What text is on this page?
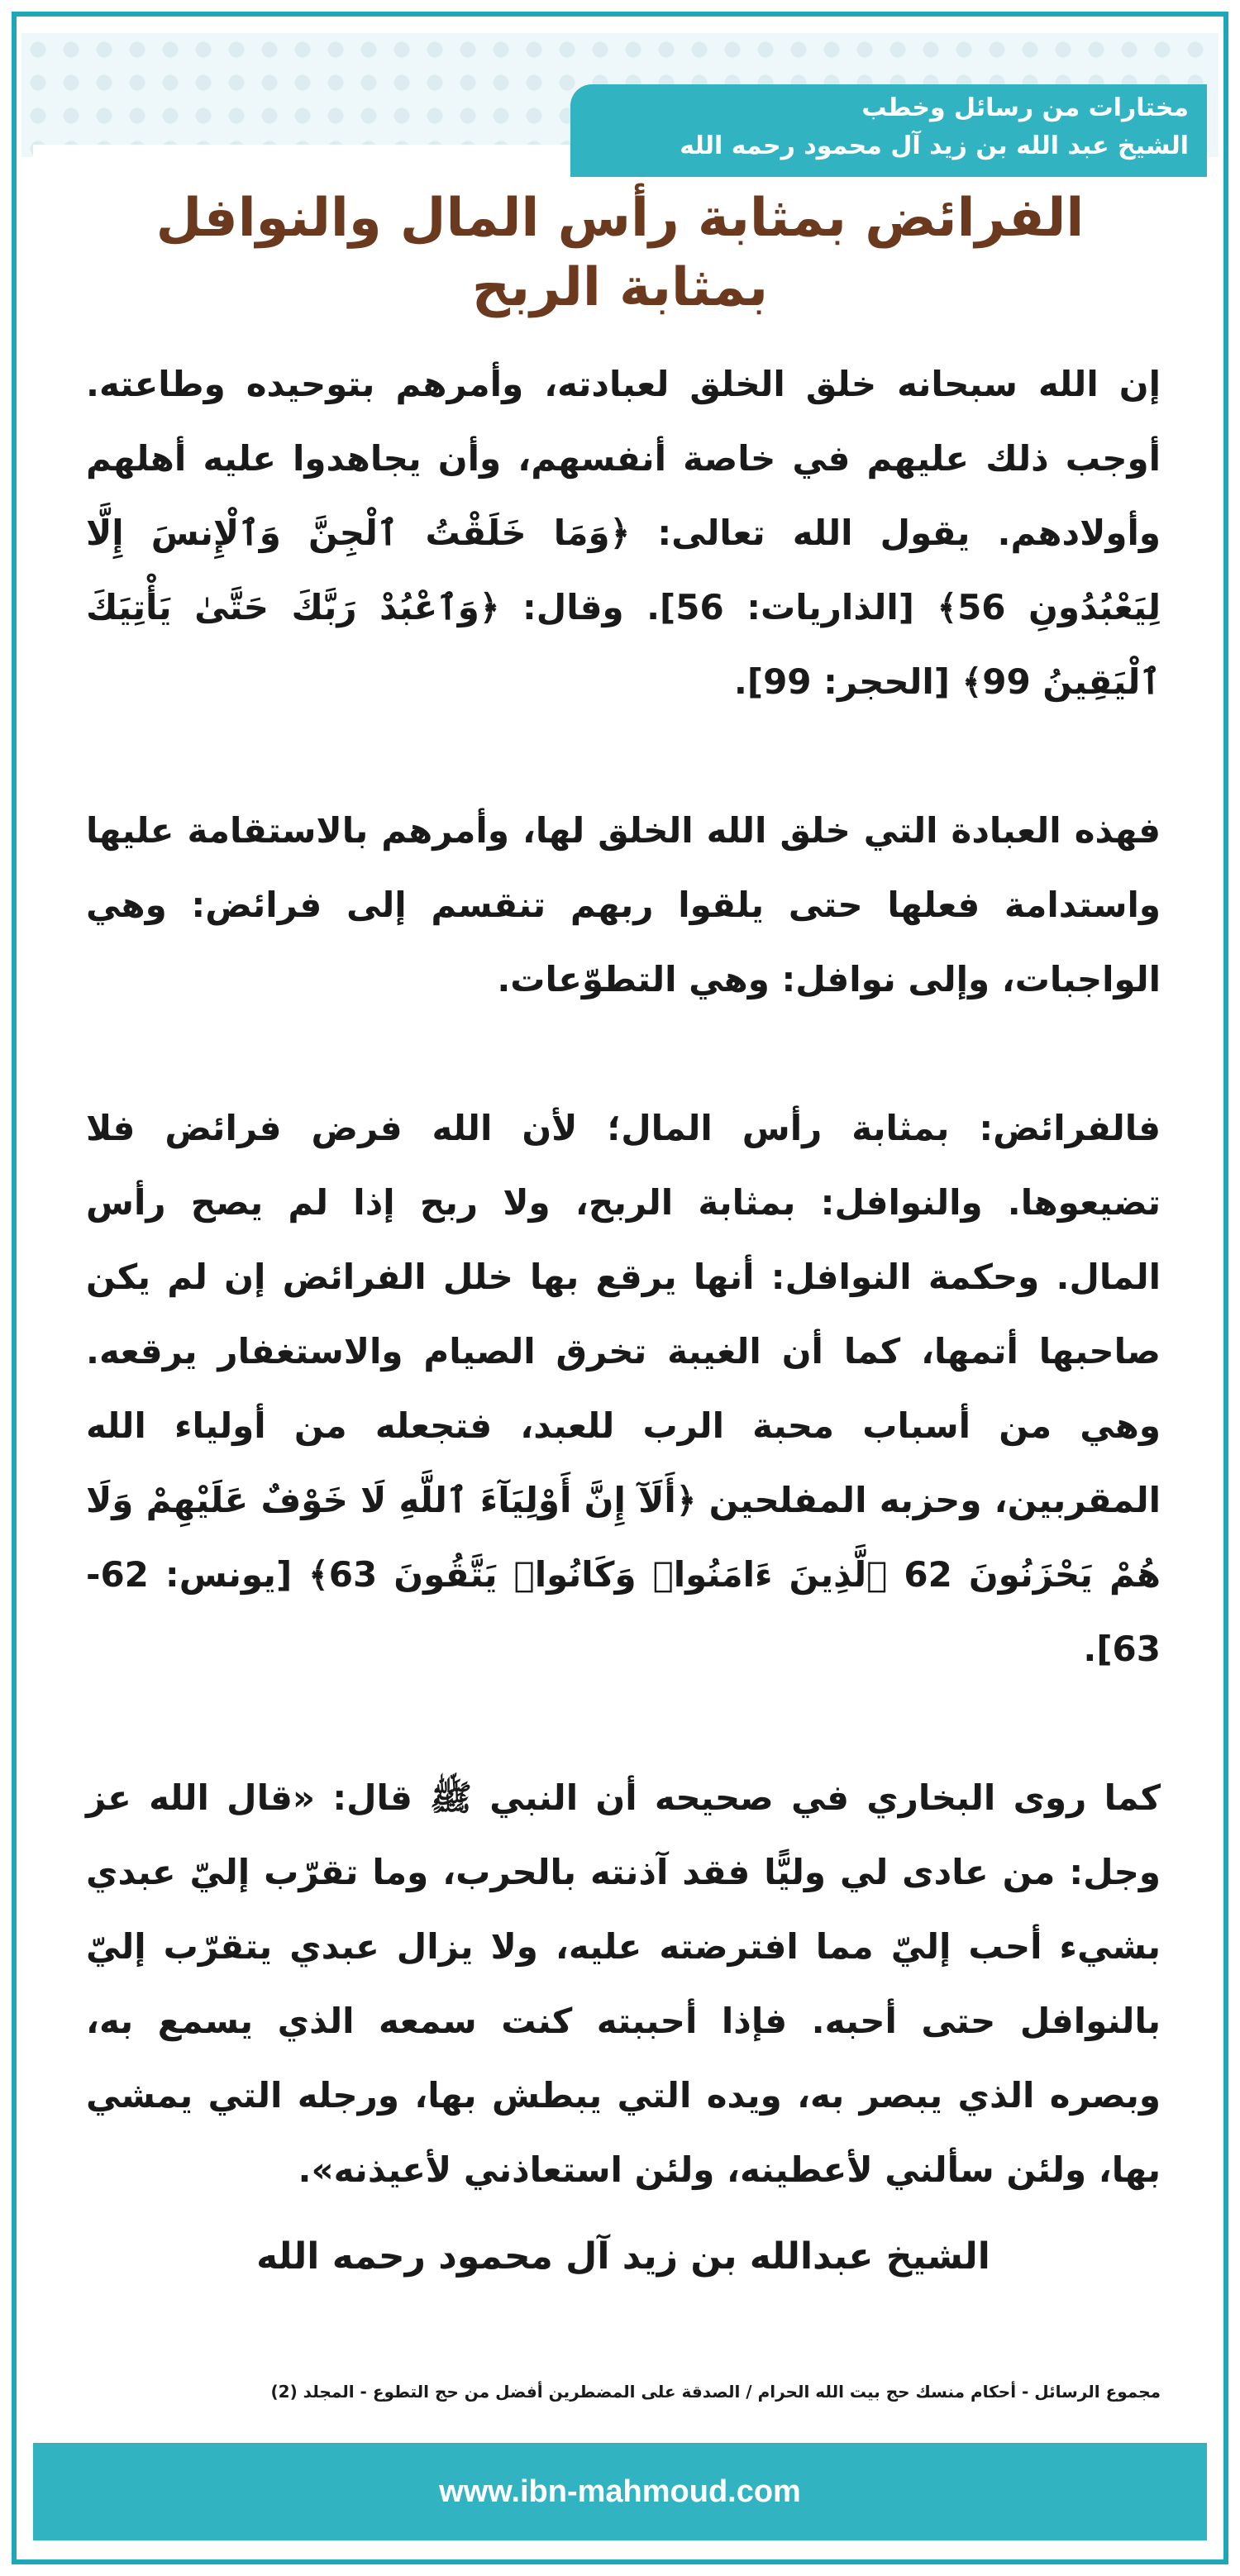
مختارات من رسائل وخطب
الشيخ عبد الله بن زيد آل محمود رحمه الله
الفرائض بمثابة رأس المال والنوافل بمثابة الربح

إن الله سبحانه خلق الخلق لعبادته، وأمرهم بتوحيده وطاعته. أوجب ذلك عليهم في خاصة أنفسهم، وأن يجاهدوا عليه أهلهم وأولادهم. يقول الله تعالى: ﴿وَمَا خَلَقْتُ ٱلْجِنَّ وَٱلْإِنسَ إِلَّا لِيَعْبُدُونِ 56﴾ [الذاريات: 56]. وقال: ﴿وَٱعْبُدْ رَبَّكَ حَتَّىٰ يَأْتِيَكَ ٱلْيَقِينُ 99﴾ [الحجر: 99].

فهذه العبادة التي خلق الله الخلق لها، وأمرهم بالاستقامة عليها واستدامة فعلها حتى يلقوا ربهم تنقسم إلى فرائض: وهي الواجبات، وإلى نوافل: وهي التطوّعات.

فالفرائض: بمثابة رأس المال؛ لأن الله فرض فرائض فلا تضيعوها. والنوافل: بمثابة الربح، ولا ربح إذا لم يصح رأس المال. وحكمة النوافل: أنها يرقع بها خلل الفرائض إن لم يكن صاحبها أتمها، كما أن الغيبة تخرق الصيام والاستغفار يرقعه. وهي من أسباب محبة الرب للعبد، فتجعله من أولياء الله المقربين، وحزبه المفلحين ﴿أَلَآ إِنَّ أَوْلِيَآءَ ٱللَّهِ لَا خَوْفٌ عَلَيْهِمْ وَلَا هُمْ يَحْزَنُونَ 62 ٱلَّذِينَ ءَامَنُوا۟ وَكَانُوا۟ يَتَّقُونَ 63﴾ [يونس: 62-63].

كما روى البخاري في صحيحه أن النبي ﷺ قال: «قال الله عز وجل: من عادى لي وليًّا فقد آذنته بالحرب، وما تقرّب إليّ عبدي بشيء أحب إليّ مما افترضته عليه، ولا يزال عبدي يتقرّب إليّ بالنوافل حتى أحبه. فإذا أحببته كنت سمعه الذي يسمع به، وبصره الذي يبصر به، ويده التي يبطش بها، ورجله التي يمشي بها، ولئن سألني لأعطينه، ولئن استعاذني لأعيذنه».

الشيخ عبدالله بن زيد آل محمود رحمه الله
مجموع الرسائل - أحكام منسك حج بيت الله الحرام / الصدقة على المضطرين أفضل من حج التطوع - المجلد (2)
www.ibn-mahmoud.com
